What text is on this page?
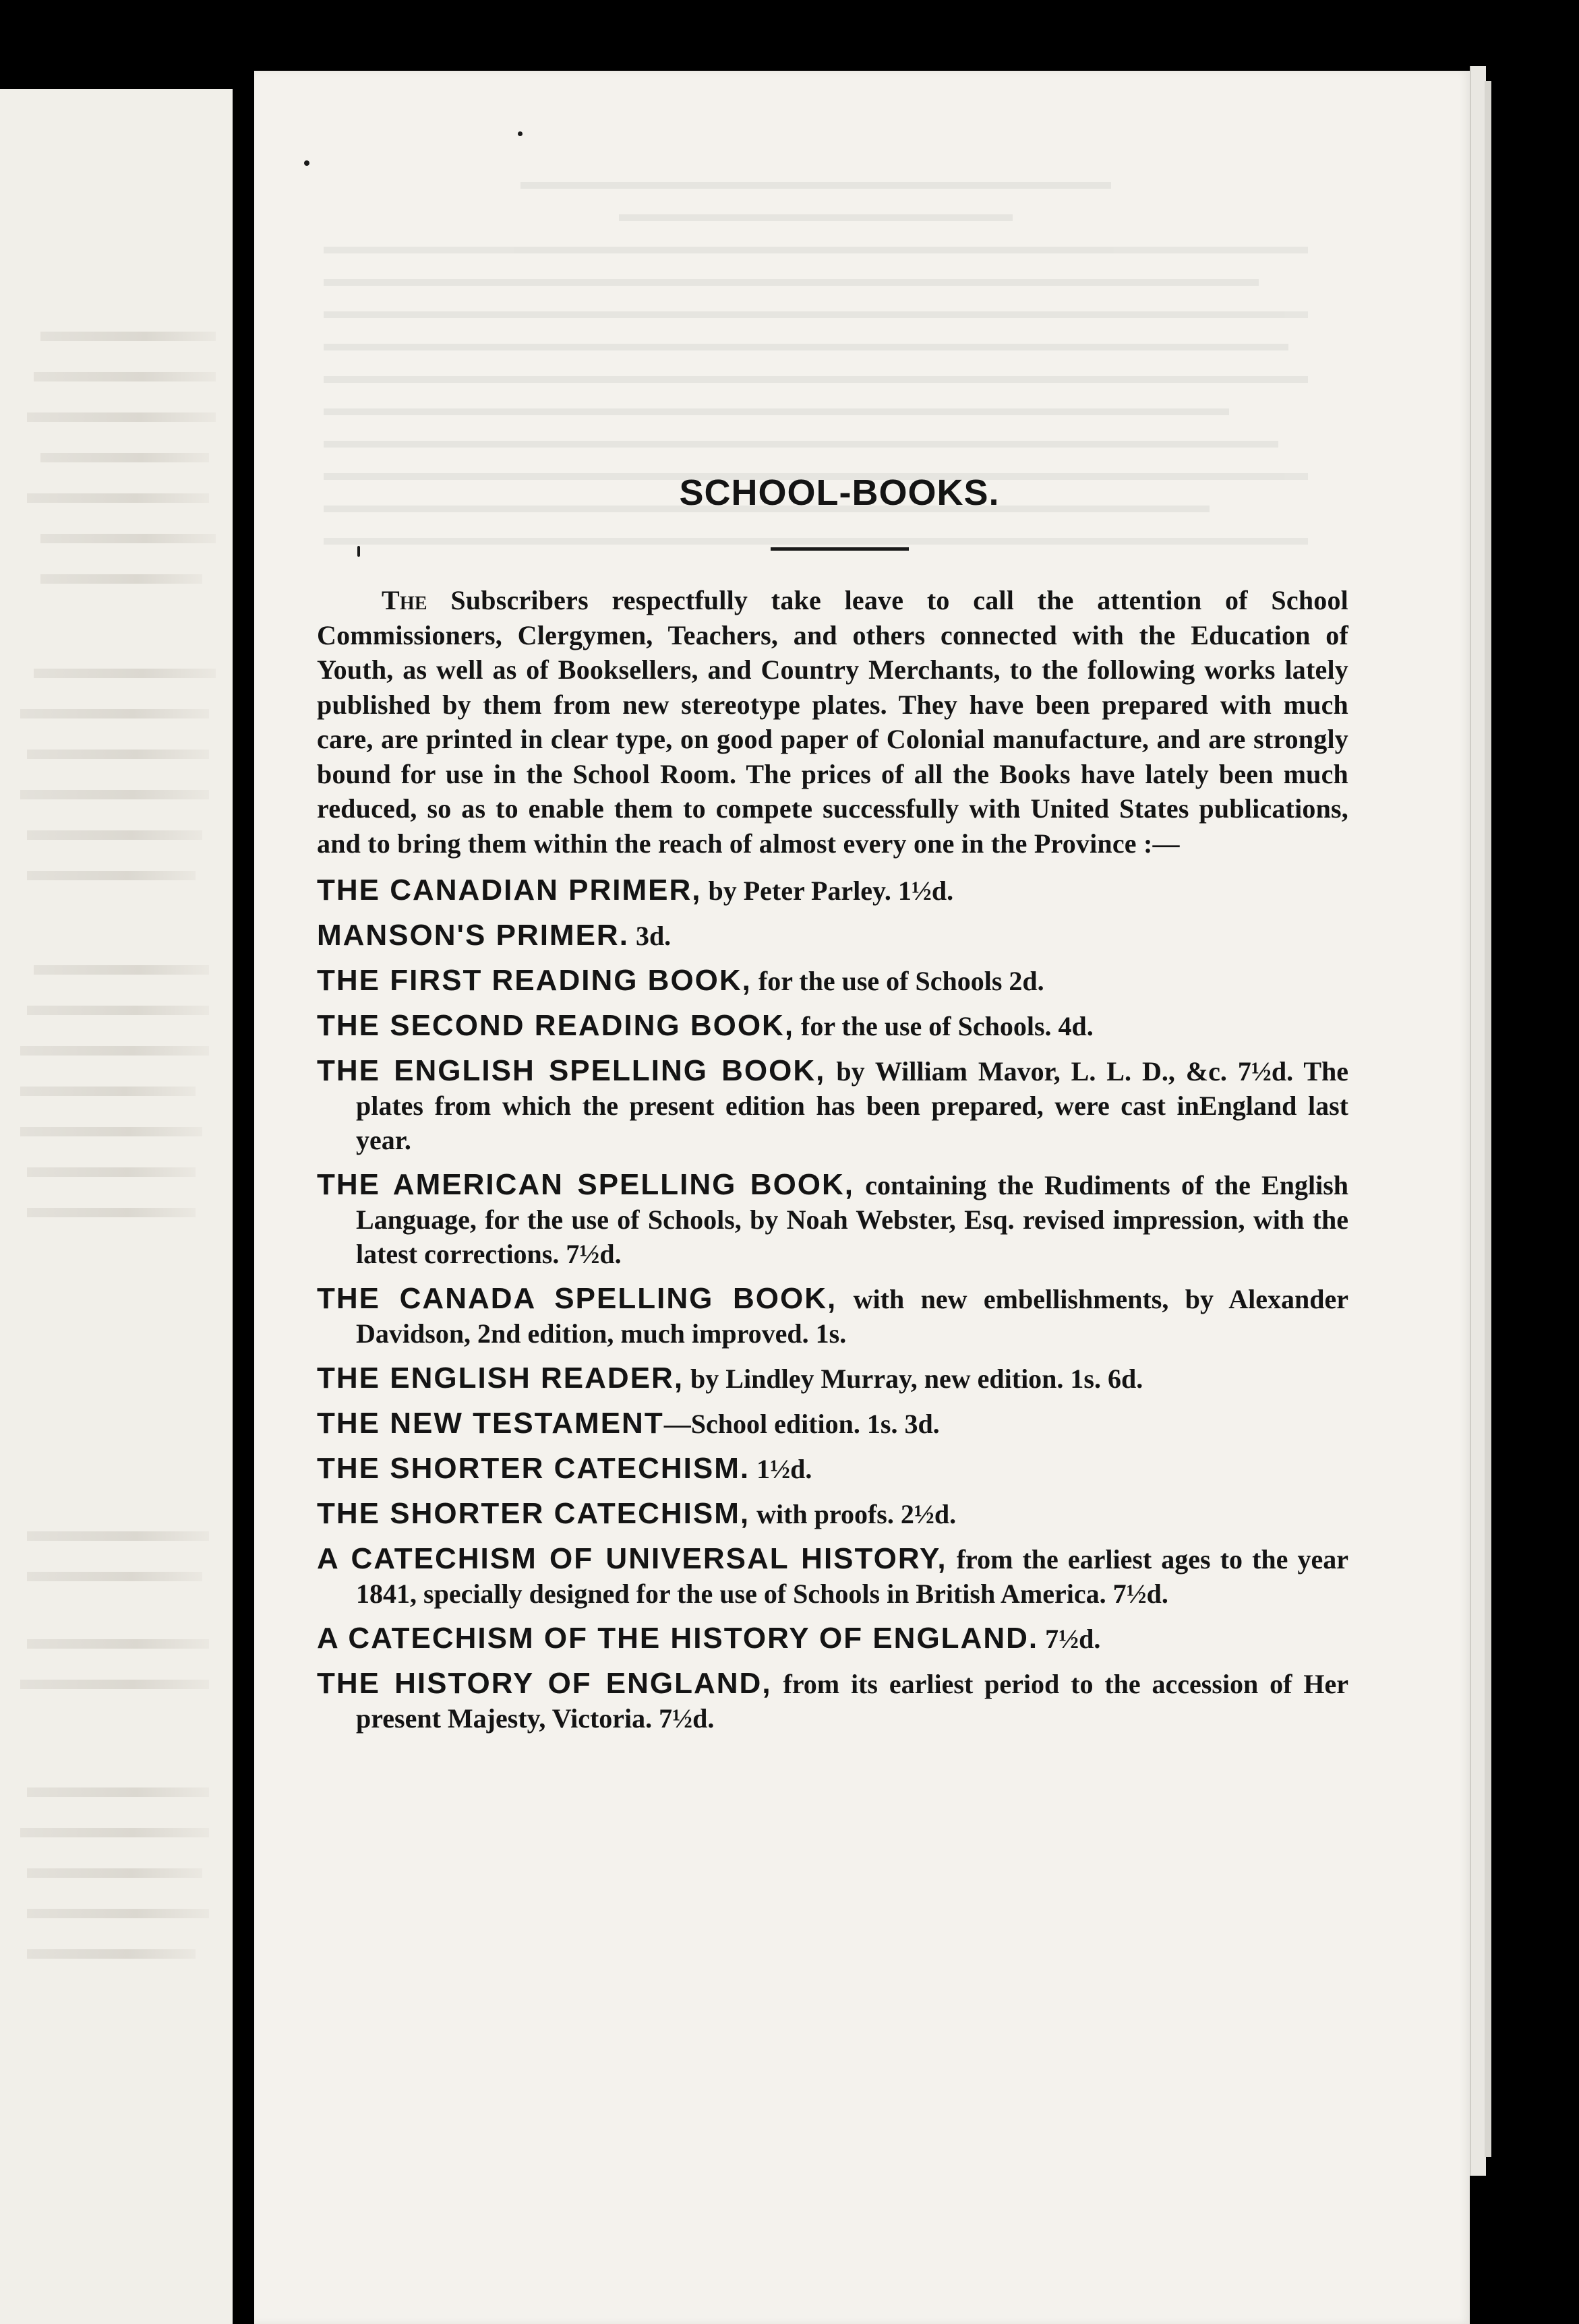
SCHOOL-BOOKS.

The Subscribers respectfully take leave to call the attention of School Commissioners, Clergymen, Teachers, and others connected with the Education of Youth, as well as of Booksellers, and Country Merchants, to the following works lately published by them from new stereotype plates. They have been prepared with much care, are printed in clear type, on good paper of Colonial manufacture, and are strongly bound for use in the School Room. The prices of all the Books have lately been much reduced, so as to enable them to compete successfully with United States publications, and to bring them within the reach of almost every one in the Province :—

THE CANADIAN PRIMER, by Peter Parley. 1½d.

MANSON'S PRIMER. 3d.

THE FIRST READING BOOK, for the use of Schools 2d.

THE SECOND READING BOOK, for the use of Schools. 4d.

THE ENGLISH SPELLING BOOK, by William Mavor, L. L. D., &c. 7½d. The plates from which the present edition has been prepared, were cast inEngland last year.

THE AMERICAN SPELLING BOOK, containing the Rudiments of the English Language, for the use of Schools, by Noah Webster, Esq. revised impression, with the latest corrections. 7½d.

THE CANADA SPELLING BOOK, with new embellishments, by Alexander Davidson, 2nd edition, much improved. 1s.

THE ENGLISH READER, by Lindley Murray, new edition. 1s. 6d.

THE NEW TESTAMENT—School edition. 1s. 3d.

THE SHORTER CATECHISM. 1½d.

THE SHORTER CATECHISM, with proofs. 2½d.

A CATECHISM OF UNIVERSAL HISTORY, from the earliest ages to the year 1841, specially designed for the use of Schools in British America. 7½d.

A CATECHISM OF THE HISTORY OF ENGLAND. 7½d.

THE HISTORY OF ENGLAND, from its earliest period to the accession of Her present Majesty, Victoria. 7½d.
